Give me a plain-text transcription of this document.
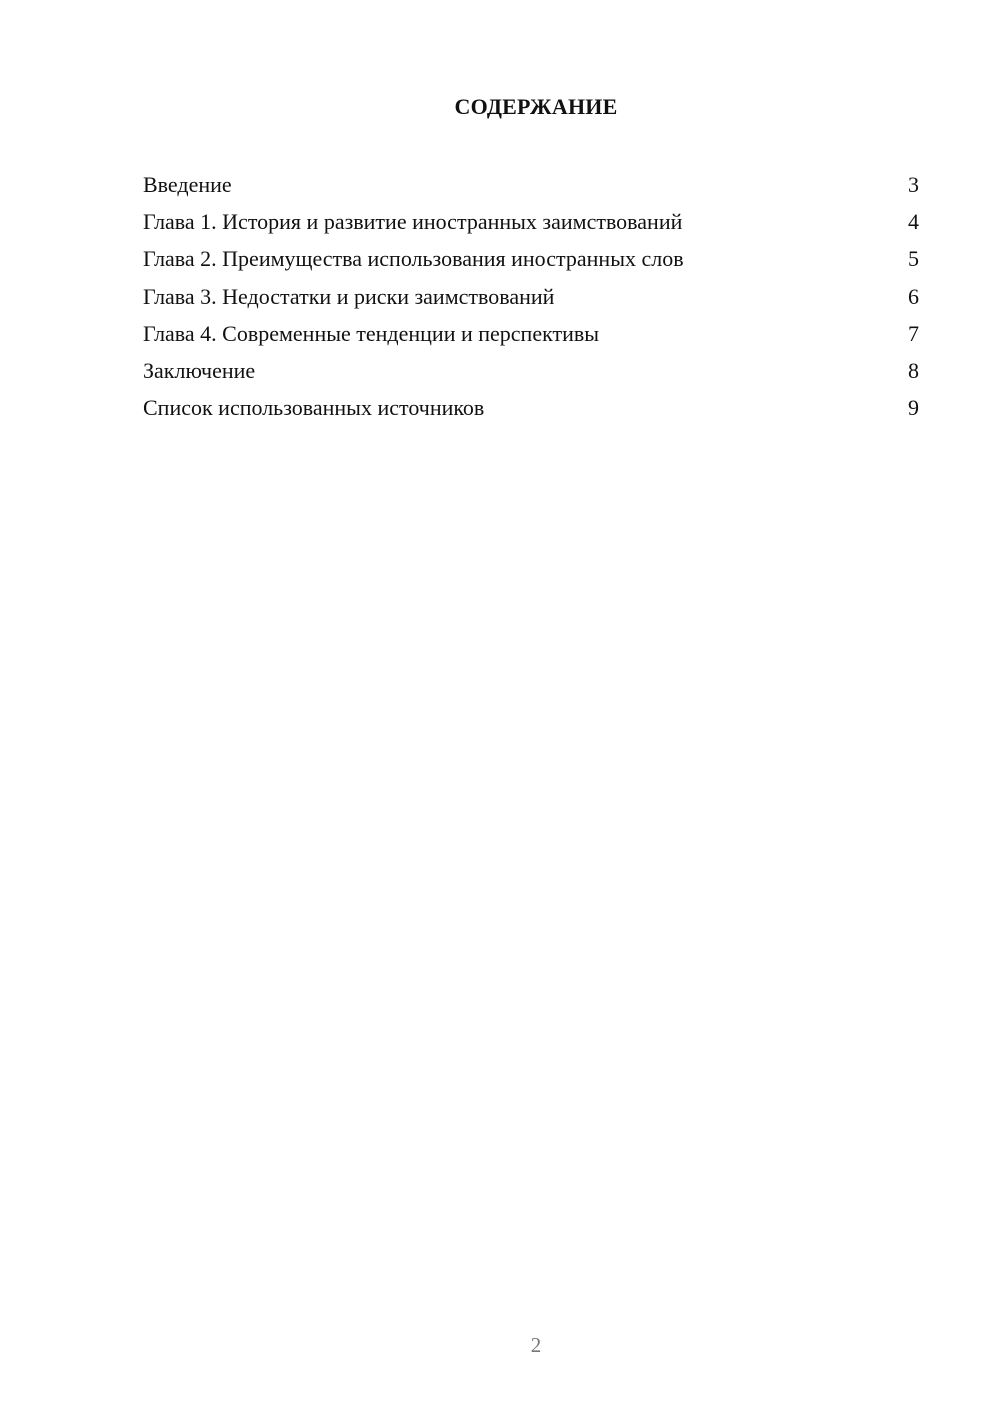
СОДЕРЖАНИЕ
Введение	3
Глава 1. История и развитие иностранных заимствований	4
Глава 2. Преимущества использования иностранных слов	5
Глава 3. Недостатки и риски заимствований	6
Глава 4. Современные тенденции и перспективы	7
Заключение	8
Список использованных источников	9
2
